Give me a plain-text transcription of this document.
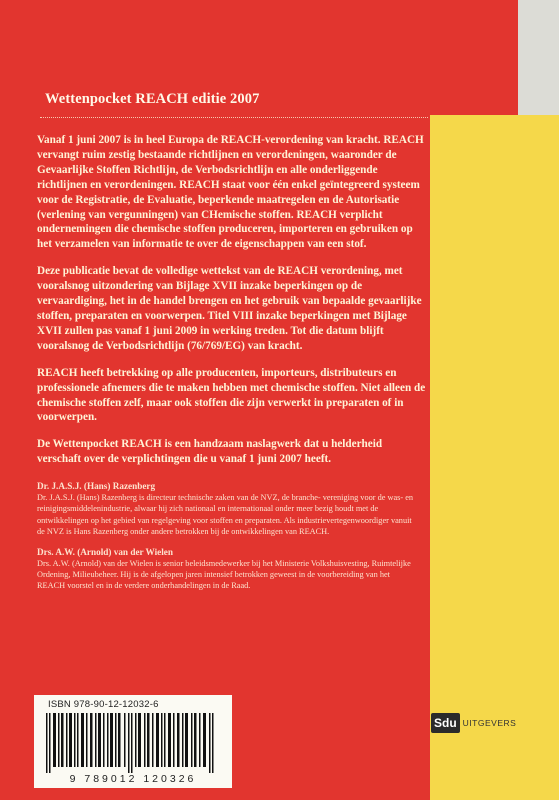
Wettenpocket REACH editie 2007

Vanaf 1 juni 2007 is in heel Europa de REACH-verordening van kracht. REACH vervangt ruim zestig bestaande richtlijnen en verordeningen, waaronder de Gevaarlijke Stoffen Richtlijn, de Verbodsrichtlijn en alle onderliggende richtlijnen en verordeningen. REACH staat voor één enkel geïntegreerd systeem voor de Registratie, de Evaluatie, beperkende maatregelen en de Autorisatie (verlening van vergunningen) van CHemische stoffen. REACH verplicht ondernemingen die chemische stoffen produceren, importeren en gebruiken op het verzamelen van informatie te over de eigenschappen van een stof.

Deze publicatie bevat de volledige wettekst van de REACH verordening, met vooralsnog uitzondering van Bijlage XVII inzake beperkingen op de vervaardiging, het in de handel brengen en het gebruik van bepaalde gevaarlijke stoffen, preparaten en voorwerpen. Titel VIII inzake beperkingen met Bijlage XVII zullen pas vanaf 1 juni 2009 in werking treden. Tot die datum blijft vooralsnog de Verbodsrichtlijn (76/769/EG) van kracht.

REACH heeft betrekking op alle producenten, importeurs, distributeurs en professionele afnemers die te maken hebben met chemische stoffen. Niet alleen de chemische stoffen zelf, maar ook stoffen die zijn verwerkt in preparaten of in voorwerpen.

De Wettenpocket REACH is een handzaam naslagwerk dat u helderheid verschaft over de verplichtingen die u vanaf 1 juni 2007 heeft.

Dr. J.A.S.J. (Hans) Razenberg

Dr. J.A.S.J. (Hans) Razenberg is directeur technische zaken van de NVZ, de branche- vereniging voor de was- en reinigingsmiddelenindustrie, alwaar hij zich nationaal en internationaal onder meer bezig houdt met de ontwikkelingen op het gebied van regelgeving voor stoffen en preparaten. Als industrievertegenwoordiger vanuit de NVZ is Hans Razenberg onder andere betrokken bij de ontwikkelingen van REACH.

Drs. A.W. (Arnold) van der Wielen

Drs. A.W. (Arnold) van der Wielen is senior beleidsmedewerker bij het Ministerie Volkshuisvesting, Ruimtelijke Ordening, Milieubeheer. Hij is de afgelopen jaren intensief betrokken geweest in de voorbereiding van het REACH voorstel en in de verdere onderhandelingen in de Raad.

ISBN 978-90-12-12032-6
9 789012 120326
Sdu UITGEVERS
